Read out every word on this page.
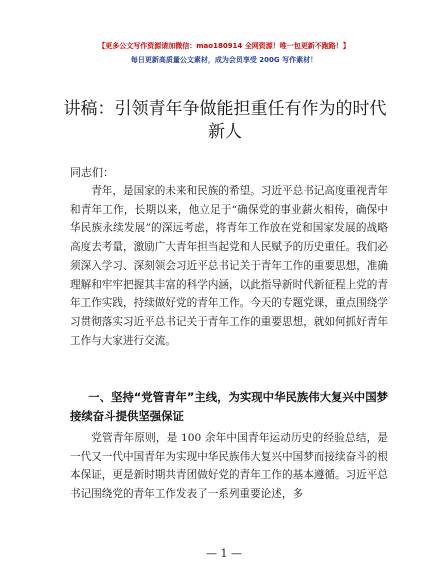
【更多公文写作资源请加微信：mao180914 全网资源！唯一包更新不跑路！】
每日更新高质量公文素材，成为会员享受 200G 写作素材！
讲稿：引领青年争做能担重任有作为的时代新人
同志们：

青年，是国家的未来和民族的希望。习近平总书记高度重视青年和青年工作，长期以来，他立足于“确保党的事业薪火相传，确保中华民族永续发展”的深远考虑，将青年工作放在党和国家发展的战略高度去考量，激励广大青年担当起党和人民赋予的历史重任。我们必须深入学习、深刻领会习近平总书记关于青年工作的重要思想，准确理解和牢牢把握其丰富的科学内涵，以此指导新时代新征程上党的青年工作实践，持续做好党的青年工作。今天的专题党课，重点围绕学习贯彻落实习近平总书记关于青年工作的重要思想，就如何抓好青年工作与大家进行交流。

一、坚持“党管青年”主线，为实现中华民族伟大复兴中国梦接续奋斗提供坚强保证

党管青年原则，是 100 余年中国青年运动历史的经验总结，是一代又一代中国青年为实现中华民族伟大复兴中国梦而接续奋斗的根本保证，更是新时期共青团做好党的青年工作的基本遵循。习近平总书记围绕党的青年工作发表了一系列重要论述，多

— 1 —
